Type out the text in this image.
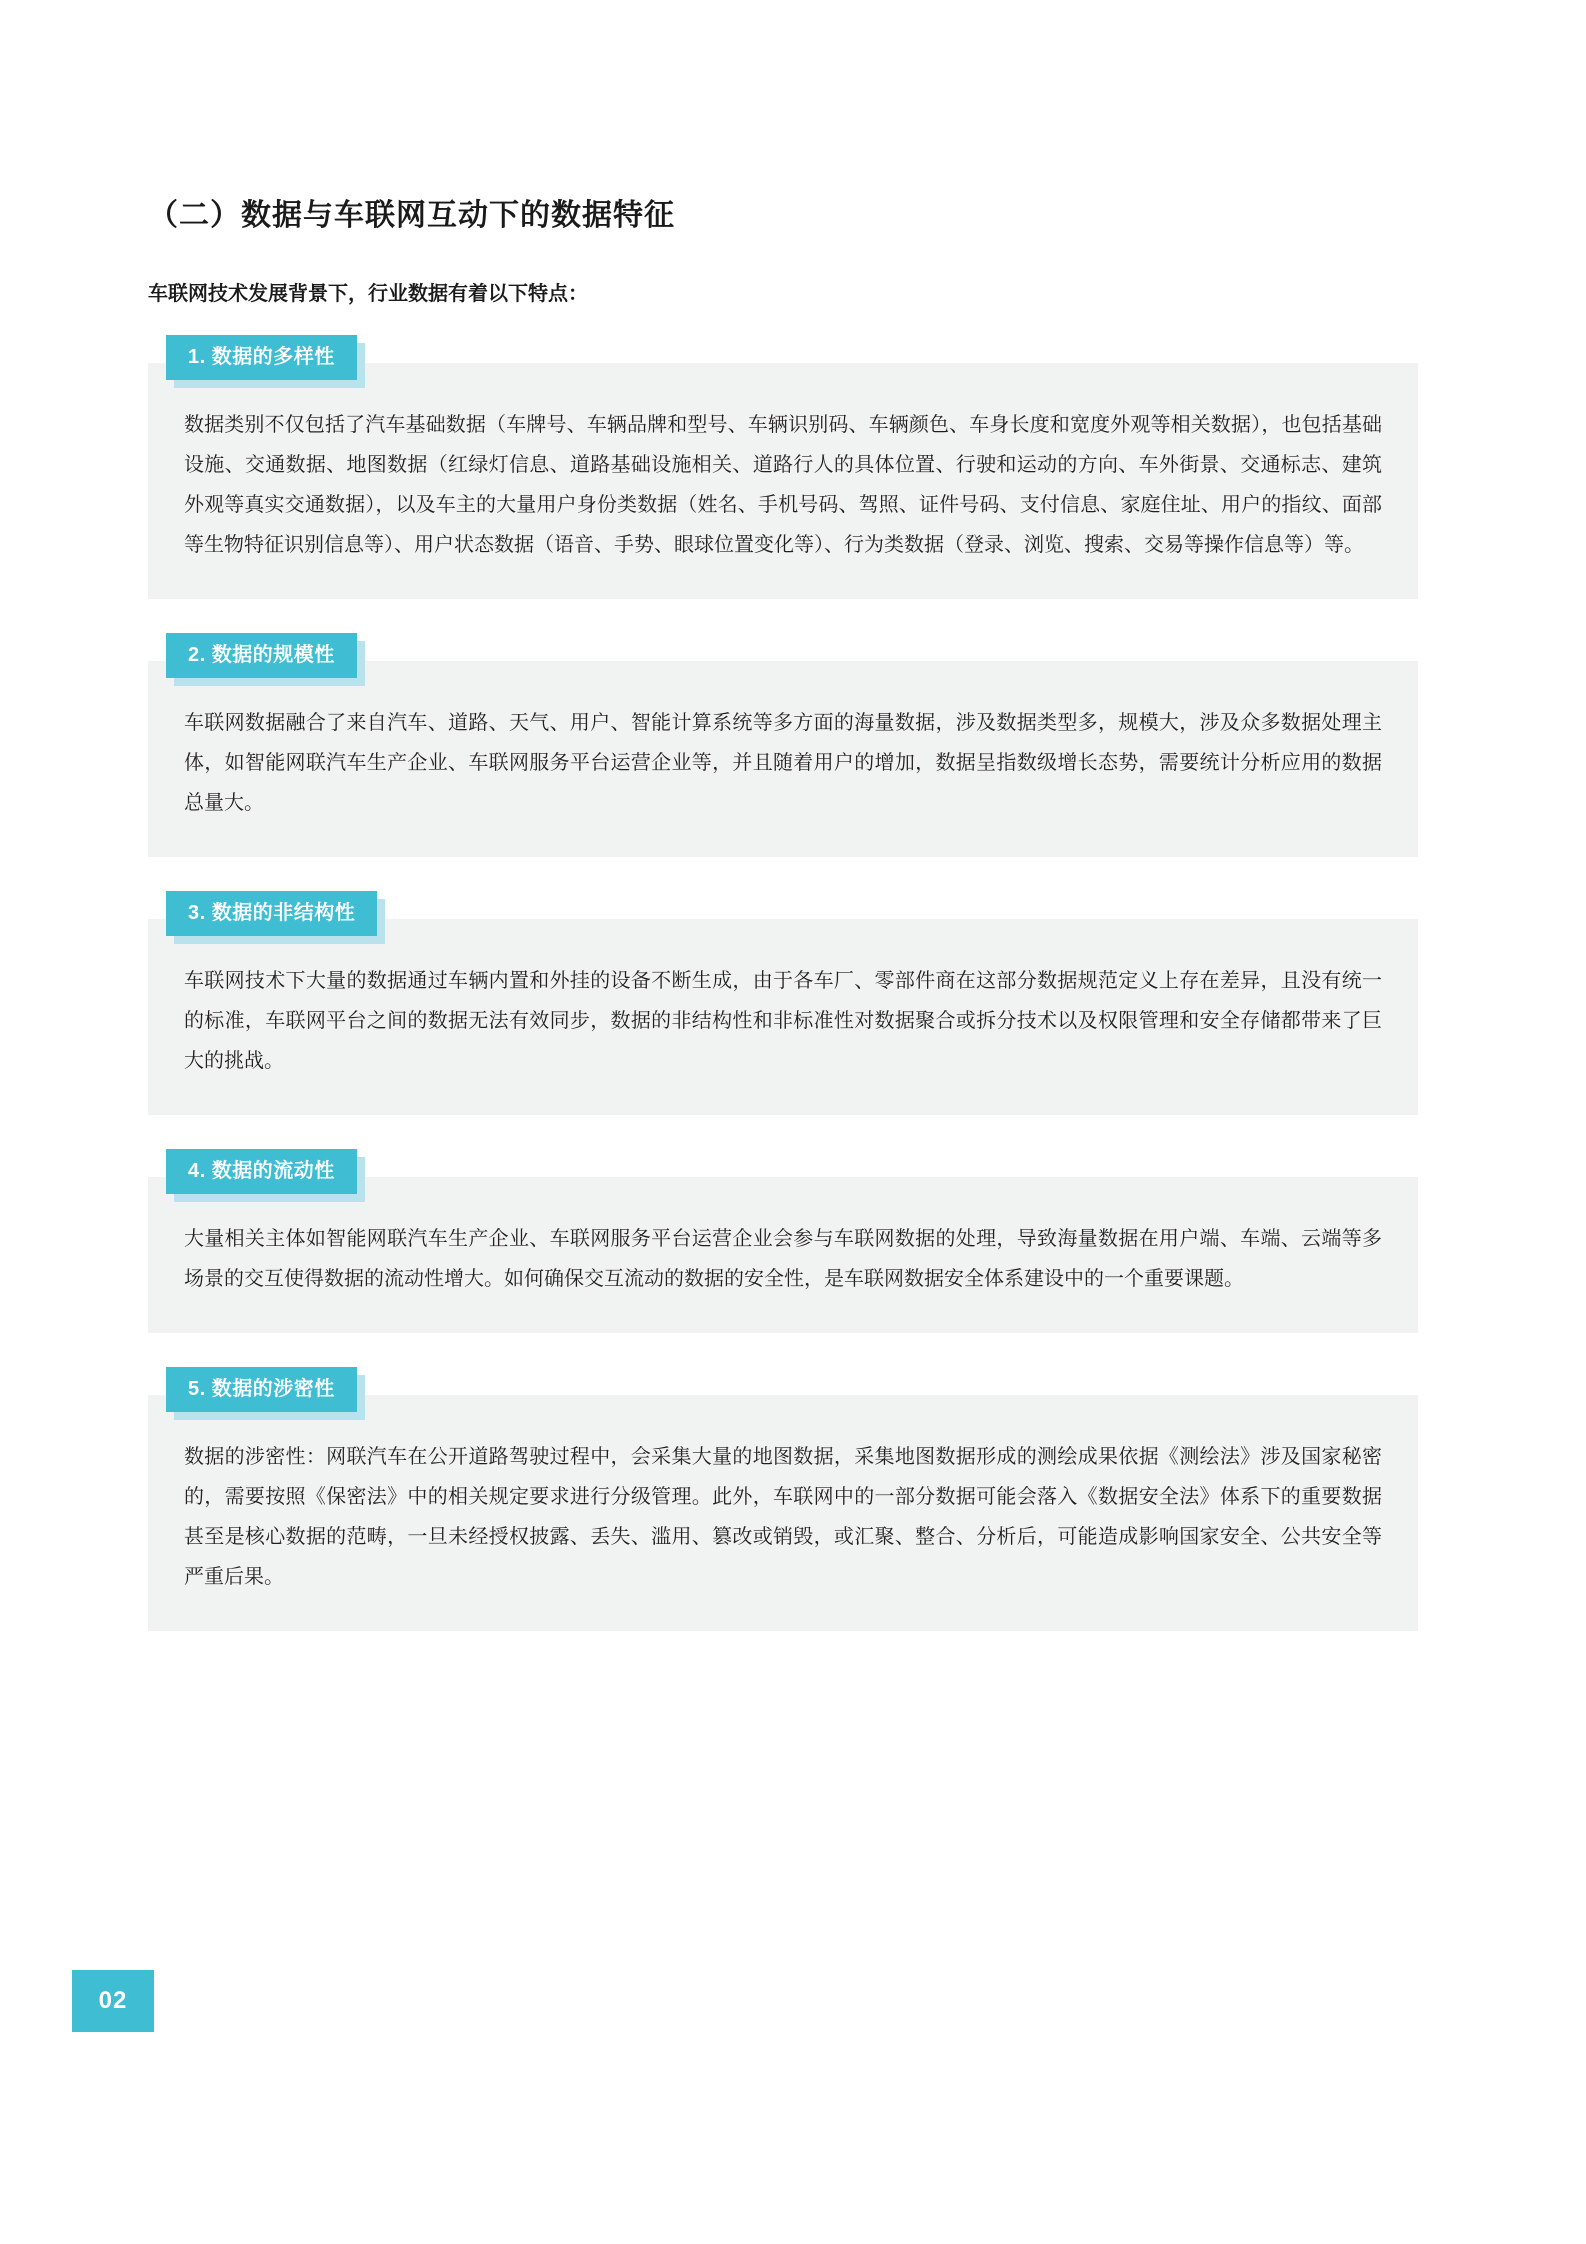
（二）数据与车联网互动下的数据特征

车联网技术发展背景下，行业数据有着以下特点：

1. 数据的多样性

数据类别不仅包括了汽车基础数据（车牌号、车辆品牌和型号、车辆识别码、车辆颜色、车身长度和宽度外观等相关数据），也包括基础设施、交通数据、地图数据（红绿灯信息、道路基础设施相关、道路行人的具体位置、行驶和运动的方向、车外街景、交通标志、建筑外观等真实交通数据），以及车主的大量用户身份类数据（姓名、手机号码、驾照、证件号码、支付信息、家庭住址、用户的指纹、面部等生物特征识别信息等）、用户状态数据（语音、手势、眼球位置变化等）、行为类数据（登录、浏览、搜索、交易等操作信息等）等。

2. 数据的规模性

车联网数据融合了来自汽车、道路、天气、用户、智能计算系统等多方面的海量数据，涉及数据类型多，规模大，涉及众多数据处理主体，如智能网联汽车生产企业、车联网服务平台运营企业等，并且随着用户的增加，数据呈指数级增长态势，需要统计分析应用的数据总量大。

3. 数据的非结构性

车联网技术下大量的数据通过车辆内置和外挂的设备不断生成，由于各车厂、零部件商在这部分数据规范定义上存在差异，且没有统一的标准，车联网平台之间的数据无法有效同步，数据的非结构性和非标准性对数据聚合或拆分技术以及权限管理和安全存储都带来了巨大的挑战。

4. 数据的流动性

大量相关主体如智能网联汽车生产企业、车联网服务平台运营企业会参与车联网数据的处理，导致海量数据在用户端、车端、云端等多场景的交互使得数据的流动性增大。如何确保交互流动的数据的安全性，是车联网数据安全体系建设中的一个重要课题。

5. 数据的涉密性

数据的涉密性：网联汽车在公开道路驾驶过程中，会采集大量的地图数据，采集地图数据形成的测绘成果依据《测绘法》涉及国家秘密的，需要按照《保密法》中的相关规定要求进行分级管理。此外，车联网中的一部分数据可能会落入《数据安全法》体系下的重要数据甚至是核心数据的范畴，一旦未经授权披露、丢失、滥用、篡改或销毁，或汇聚、整合、分析后，可能造成影响国家安全、公共安全等严重后果。

02
